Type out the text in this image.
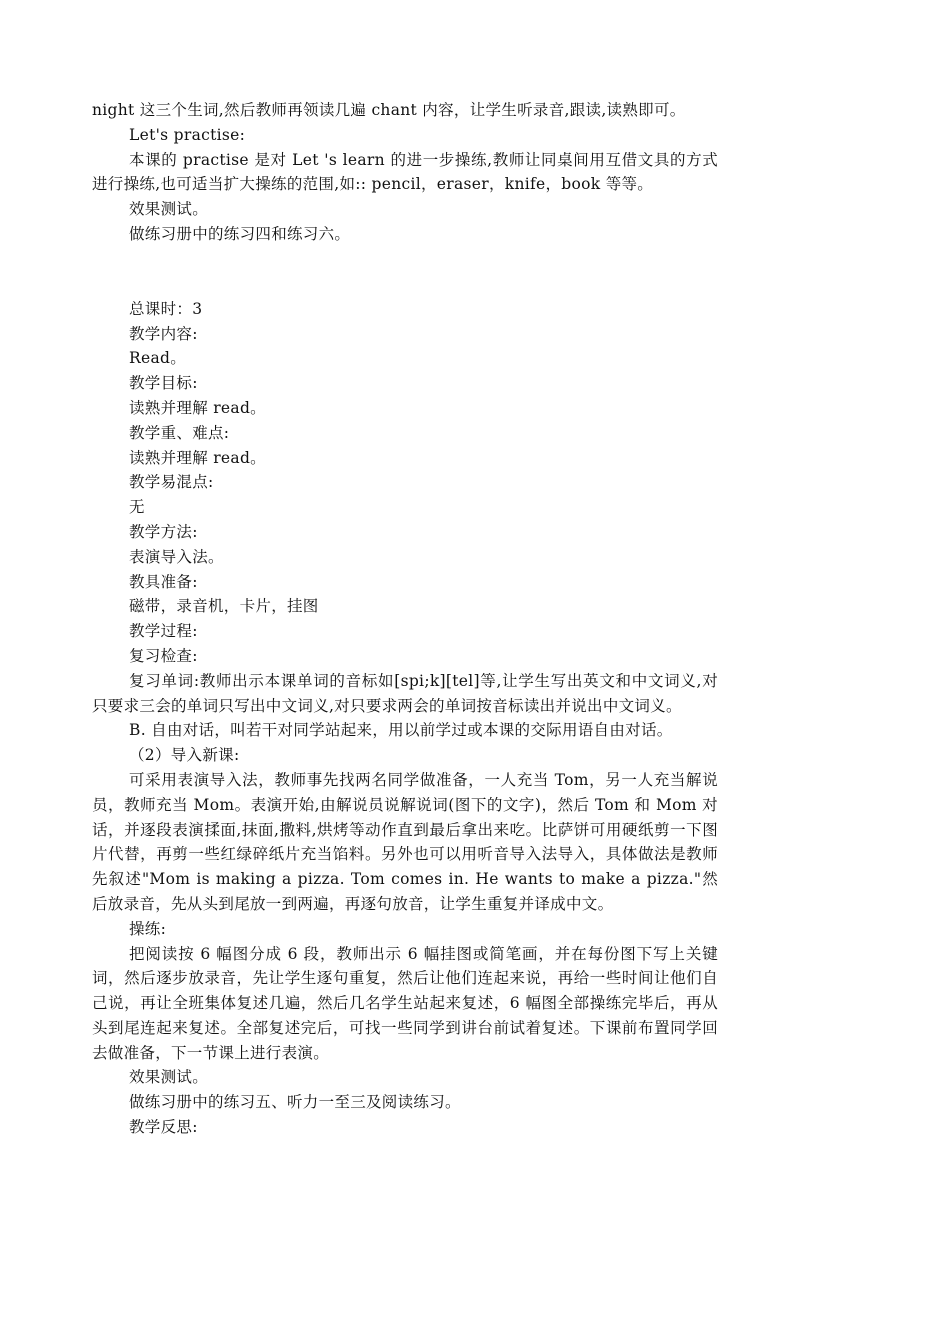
night 这三个生词,然后教师再领读几遍 chant 内容，让学生听录音,跟读,读熟即可。

Let's practise:

本课的 practise 是对 Let 's learn 的进一步操练,教师让同桌间用互借文具的方式进行操练,也可适当扩大操练的范围,如:: pencil，eraser，knife，book 等等。

效果测试。

做练习册中的练习四和练习六。

总课时：3

教学内容:

Read。

教学目标:

读熟并理解 read。

教学重、难点:

读熟并理解 read。

教学易混点:

无

教学方法:

表演导入法。

教具准备:

磁带，录音机，卡片，挂图

教学过程:

复习检查:

复习单词:教师出示本课单词的音标如[spi;k][tel]等,让学生写出英文和中文词义,对只要求三会的单词只写出中文词义,对只要求两会的单词按音标读出并说出中文词义。

B. 自由对话，叫若干对同学站起来，用以前学过或本课的交际用语自由对话。

（2）导入新课:

可采用表演导入法，教师事先找两名同学做准备，一人充当 Tom，另一人充当解说员，教师充当 Mom。表演开始,由解说员说解说词(图下的文字)，然后 Tom 和 Mom 对话，并逐段表演揉面,抹面,撒料,烘烤等动作直到最后拿出来吃。比萨饼可用硬纸剪一下图片代替，再剪一些红绿碎纸片充当馅料。另外也可以用听音导入法导入，具体做法是教师先叙述"Mom is making a pizza. Tom comes in. He wants to make a pizza."然后放录音，先从头到尾放一到两遍，再逐句放音，让学生重复并译成中文。

操练:

把阅读按 6 幅图分成 6 段，教师出示 6 幅挂图或简笔画，并在每份图下写上关键词，然后逐步放录音，先让学生逐句重复，然后让他们连起来说，再给一些时间让他们自己说，再让全班集体复述几遍，然后几名学生站起来复述，6 幅图全部操练完毕后，再从头到尾连起来复述。全部复述完后，可找一些同学到讲台前试着复述。下课前布置同学回去做准备，下一节课上进行表演。

效果测试。

做练习册中的练习五、听力一至三及阅读练习。

教学反思:
